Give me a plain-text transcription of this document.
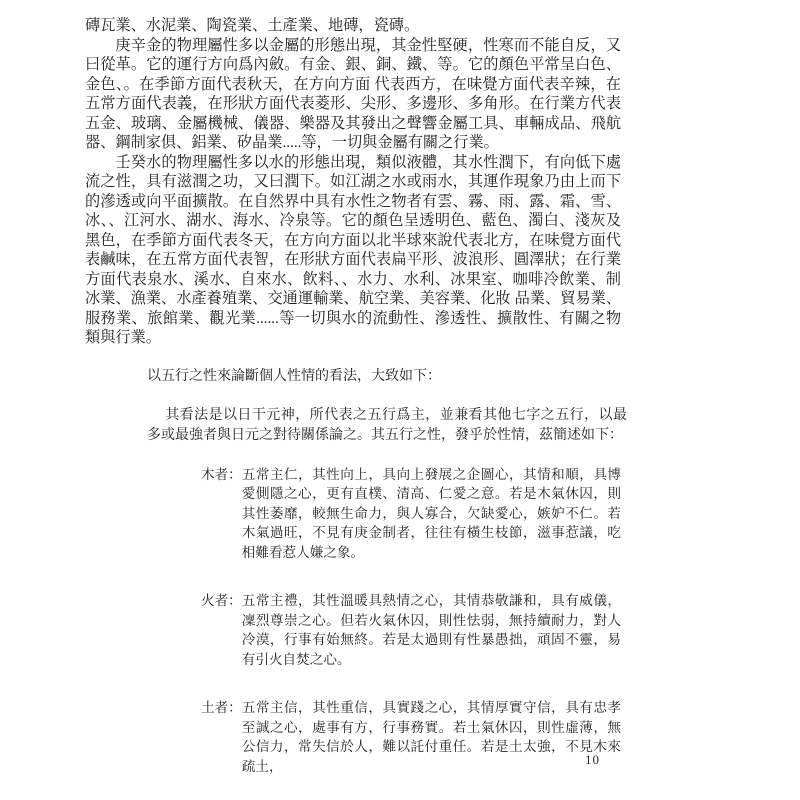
磚瓦業、水泥業、陶瓷業、土產業、地磚，瓷磚。

庚辛金的物理屬性多以金屬的形態出現，其金性堅硬，性寒而不能自反，又曰從革。它的運行方向爲內斂。有金、銀、銅、鐵、等。它的顏色平常呈白色、金色、。在季節方面代表秋天，在方向方面 代表西方，在味覺方面代表辛辣，在五常方面代表義，在形狀方面代表菱形、尖形、多邊形、多角形。在行業方代表五金、玻璃、金屬機械、儀器、樂器及其發出之聲響金屬工具、車輛成品、飛航器、鋼制家俱、鋁業、矽晶業.....等，一切與金屬有關之行業。

壬癸水的物理屬性多以水的形態出現，類似液體，其水性潤下，有向低下處流之性，具有滋潤之功，又曰潤下。如江湖之水或雨水，其運作現象乃由上而下的滲透或向平面擴散。在自然界中具有水性之物者有雲、霧、雨、露、霜、雪、冰、、江河水、湖水、海水、冷泉等。它的顏色呈透明色、藍色、濁白、淺灰及黑色，在季節方面代表冬天，在方向方面以北半球來說代表北方，在味覺方面代表鹹味，在五常方面代表智，在形狀方面代表扁平形、波浪形、圓澤狀；在行業方面代表泉水、溪水、自來水、飲料、、水力、水利、冰果室、咖啡冷飲業、制冰業、漁業、水產養殖業、交通運輸業、航空業、美容業、化妝 品業、貿易業、服務業、旅館業、觀光業......等一切與水的流動性、滲透性、擴散性、有關之物類與行業。

以五行之性來論斷個人性情的看法，大致如下：

其看法是以日干元神，所代表之五行爲主，並兼看其他七字之五行，以最多或最強者與日元之對待關係論之。其五行之性，發乎於性情，茲簡述如下：

木者： 五常主仁，其性向上，具向上發展之企圖心，其情和順，具博愛側隱之心，更有直樸、清高、仁愛之意。若是木氣休囚，則其性萎靡，較無生命力，與人寡合，欠缺愛心，嫉妒不仁。若木氣過旺，不見有庚金制者，往往有橫生枝節，滋事惹議，吃相難看惹人嫌之象。
火者： 五常主禮，其性溫暖具熱情之心，其情恭敬謙和，具有威儀，凜烈尊崇之心。但若火氣休囚，則性怯弱，無持續耐力，對人冷漠，行事有始無終。若是太過則有性暴愚拙，頑固不靈，易有引火自焚之心。
土者： 五常主信，其性重信，具實踐之心，其情厚實守信，具有忠孝至誠之心，處事有方，行事務實。若土氣休囚，則性虛薄，無公信力，常失信於人，難以託付重任。若是土太強，不見木來疏土，	10
